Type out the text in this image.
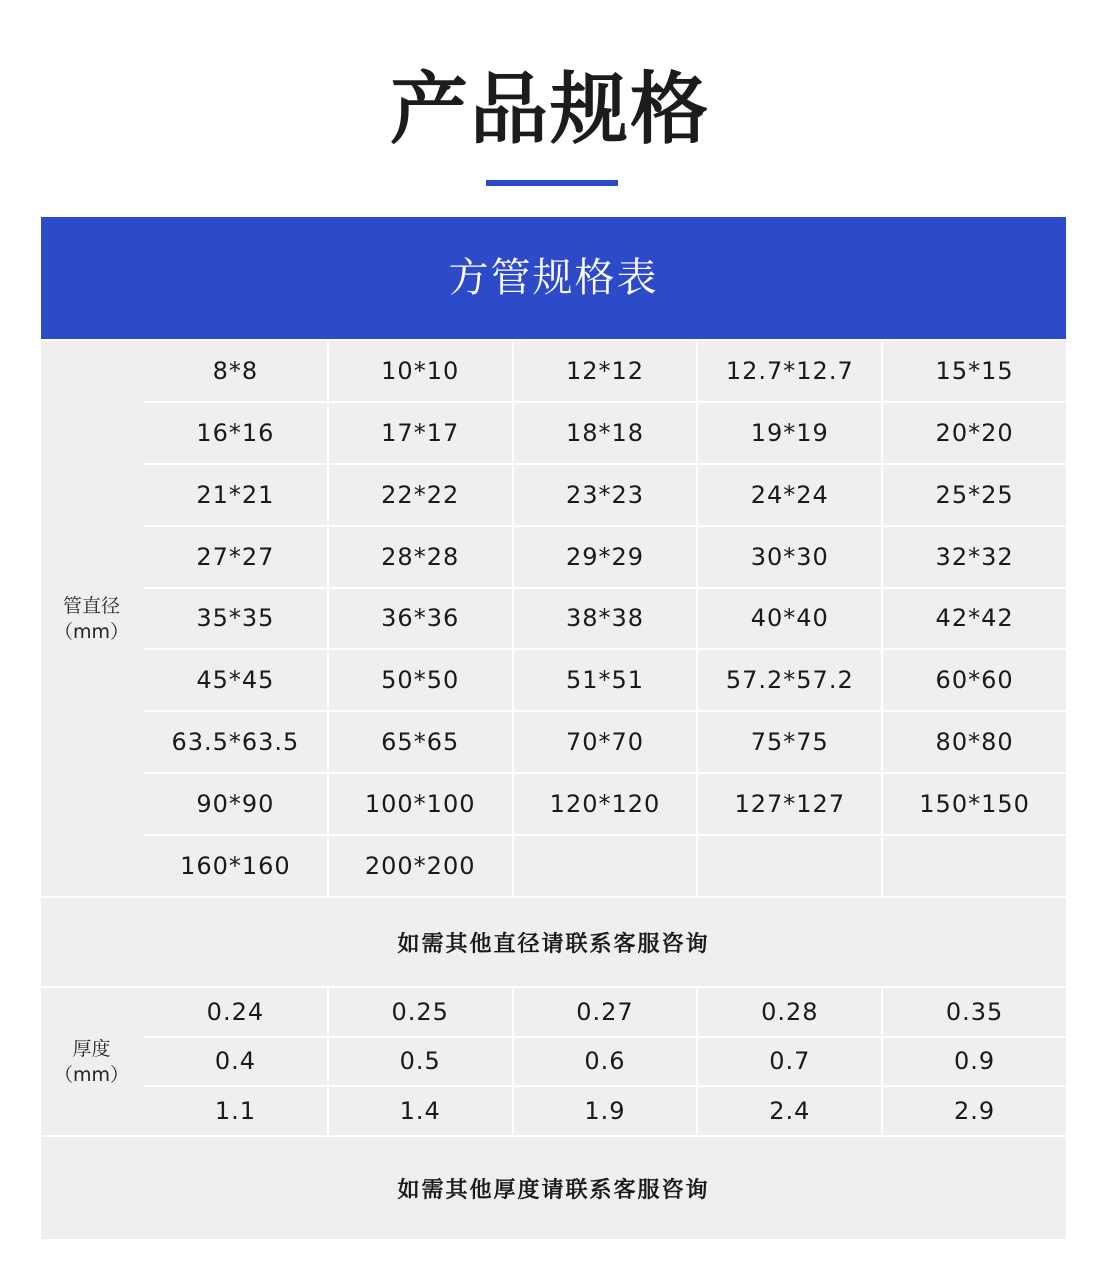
产品规格
方管规格表
管直径
（mm）
8*8	10*10	12*12	12.7*12.7	15*15
16*16	17*17	18*18	19*19	20*20
21*21	22*22	23*23	24*24	25*25
27*27	28*28	29*29	30*30	32*32
35*35	36*36	38*38	40*40	42*42
45*45	50*50	51*51	57.2*57.2	60*60
63.5*63.5	65*65	70*70	75*75	80*80
90*90	100*100	120*120	127*127	150*150
160*160	200*200
如需其他直径请联系客服咨询
厚度
（mm）
0.24	0.25	0.27	0.28	0.35
0.4	0.5	0.6	0.7	0.9
1.1	1.4	1.9	2.4	2.9
如需其他厚度请联系客服咨询
